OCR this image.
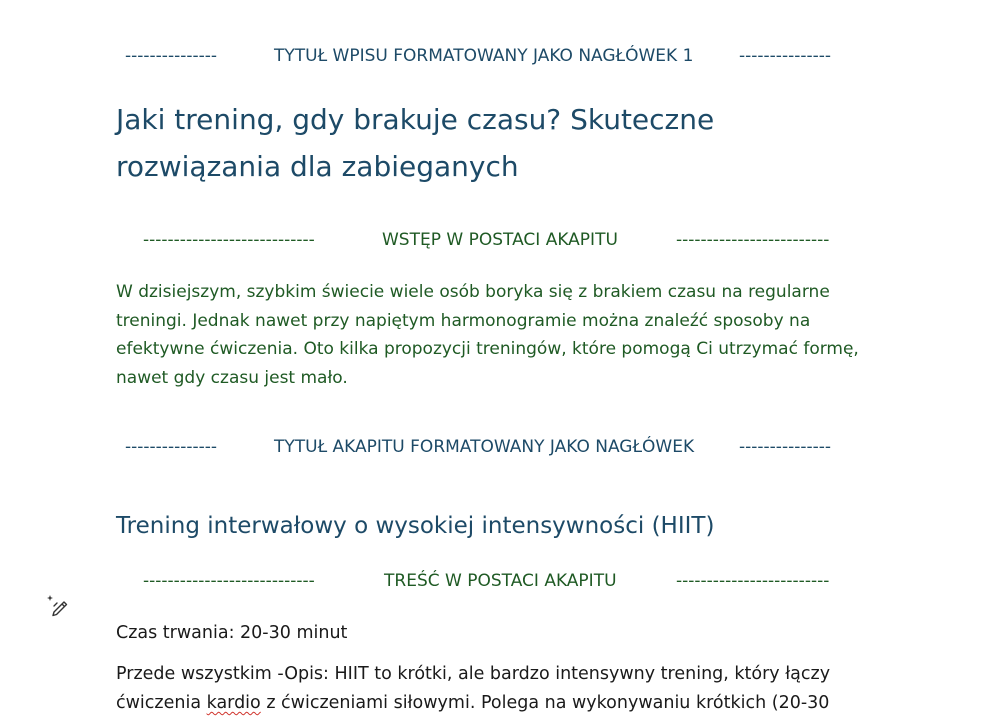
---------------	TYTUŁ WPISU FORMATOWANY JAKO NAGŁÓWEK 1	---------------
Jaki trening, gdy brakuje czasu? Skuteczne rozwiązania dla zabieganych
----------------------------	WSTĘP W POSTACI AKAPITU	-------------------------

W dzisiejszym, szybkim świecie wiele osób boryka się z brakiem czasu na regularne treningi. Jednak nawet przy napiętym harmonogramie można znaleźć sposoby na efektywne ćwiczenia. Oto kilka propozycji treningów, które pomogą Ci utrzymać formę, nawet gdy czasu jest mało.

---------------	TYTUŁ AKAPITU FORMATOWANY JAKO NAGŁÓWEK	---------------
Trening interwałowy o wysokiej intensywności (HIIT)
----------------------------	TREŚĆ W POSTACI AKAPITU	-------------------------

Czas trwania: 20-30 minut

Przede wszystkim -Opis: HIIT to krótki, ale bardzo intensywny trening, który łączy ćwiczenia kardio z ćwiczeniami siłowymi. Polega na wykonywaniu krótkich (20-30
